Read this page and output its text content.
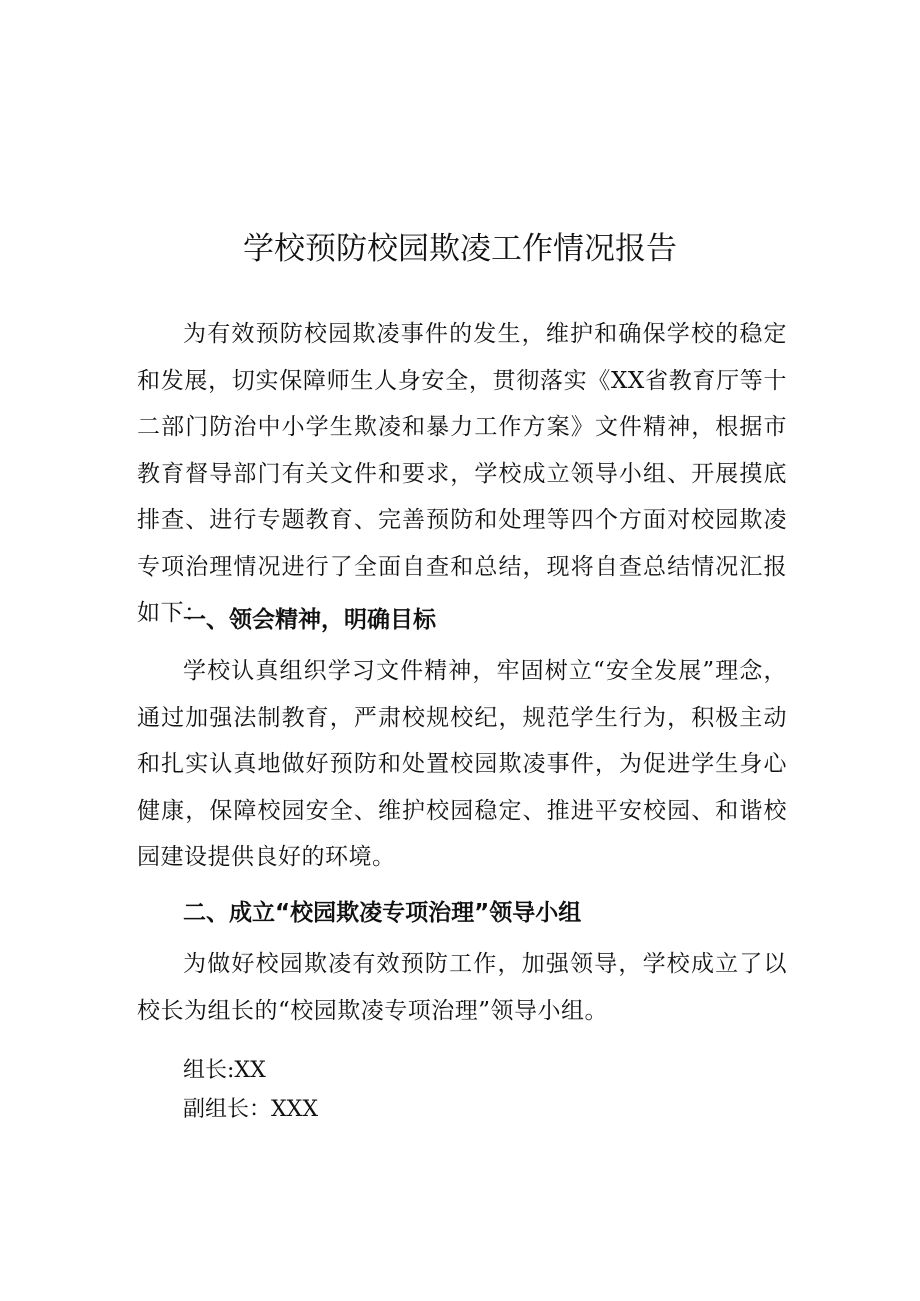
学校预防校园欺凌工作情况报告

为有效预防校园欺凌事件的发生，维护和确保学校的稳定和发展，切实保障师生人身安全，贯彻落实《XX省教育厅等十二部门防治中小学生欺凌和暴力工作方案》文件精神，根据市教育督导部门有关文件和要求，学校成立领导小组、开展摸底排查、进行专题教育、完善预防和处理等四个方面对校园欺凌专项治理情况进行了全面自查和总结，现将自查总结情况汇报如下：

一、领会精神，明确目标

学校认真组织学习文件精神，牢固树立“安全发展”理念，通过加强法制教育，严肃校规校纪，规范学生行为，积极主动和扎实认真地做好预防和处置校园欺凌事件，为促进学生身心健康，保障校园安全、维护校园稳定、推进平安校园、和谐校园建设提供良好的环境。

二、成立“校园欺凌专项治理”领导小组

为做好校园欺凌有效预防工作，加强领导，学校成立了以校长为组长的“校园欺凌专项治理”领导小组。

组长:XX

副组长：XXX
